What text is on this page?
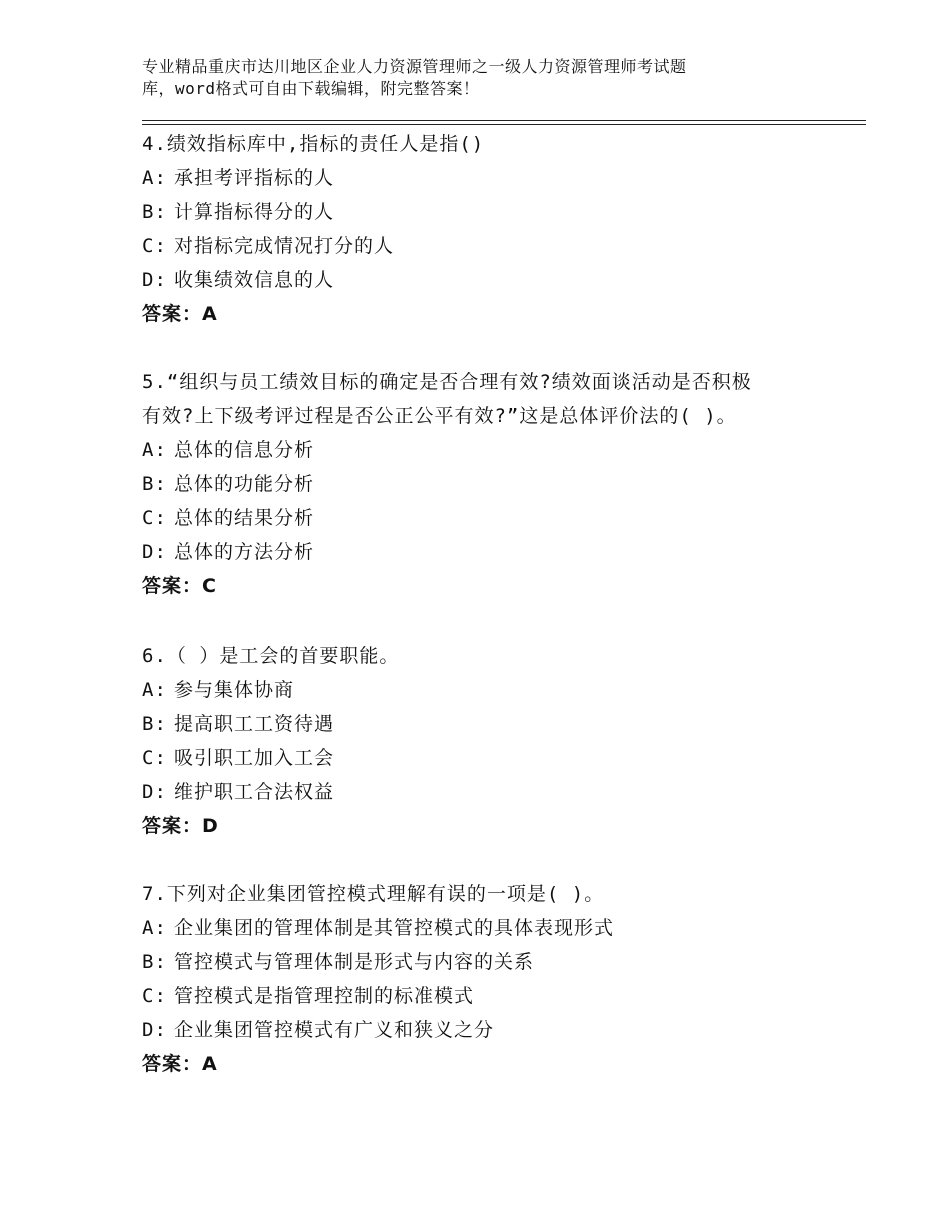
专业精品重庆市达川地区企业人力资源管理师之一级人力资源管理师考试题
库，word格式可自由下载编辑，附完整答案！

4.绩效指标库中,指标的责任人是指()

A: 承担考评指标的人

B: 计算指标得分的人

C: 对指标完成情况打分的人

D: 收集绩效信息的人

答案：A

5.“组织与员工绩效目标的确定是否合理有效?绩效面谈活动是否积极

有效?上下级考评过程是否公正公平有效?”这是总体评价法的( )。

A: 总体的信息分析

B: 总体的功能分析

C: 总体的结果分析

D: 总体的方法分析

答案：C

6.（ ）是工会的首要职能。

A: 参与集体协商

B: 提高职工工资待遇

C: 吸引职工加入工会

D: 维护职工合法权益

答案：D

7.下列对企业集团管控模式理解有误的一项是( )。

A: 企业集团的管理体制是其管控模式的具体表现形式

B: 管控模式与管理体制是形式与内容的关系

C: 管控模式是指管理控制的标准模式

D: 企业集团管控模式有广义和狭义之分

答案：A
